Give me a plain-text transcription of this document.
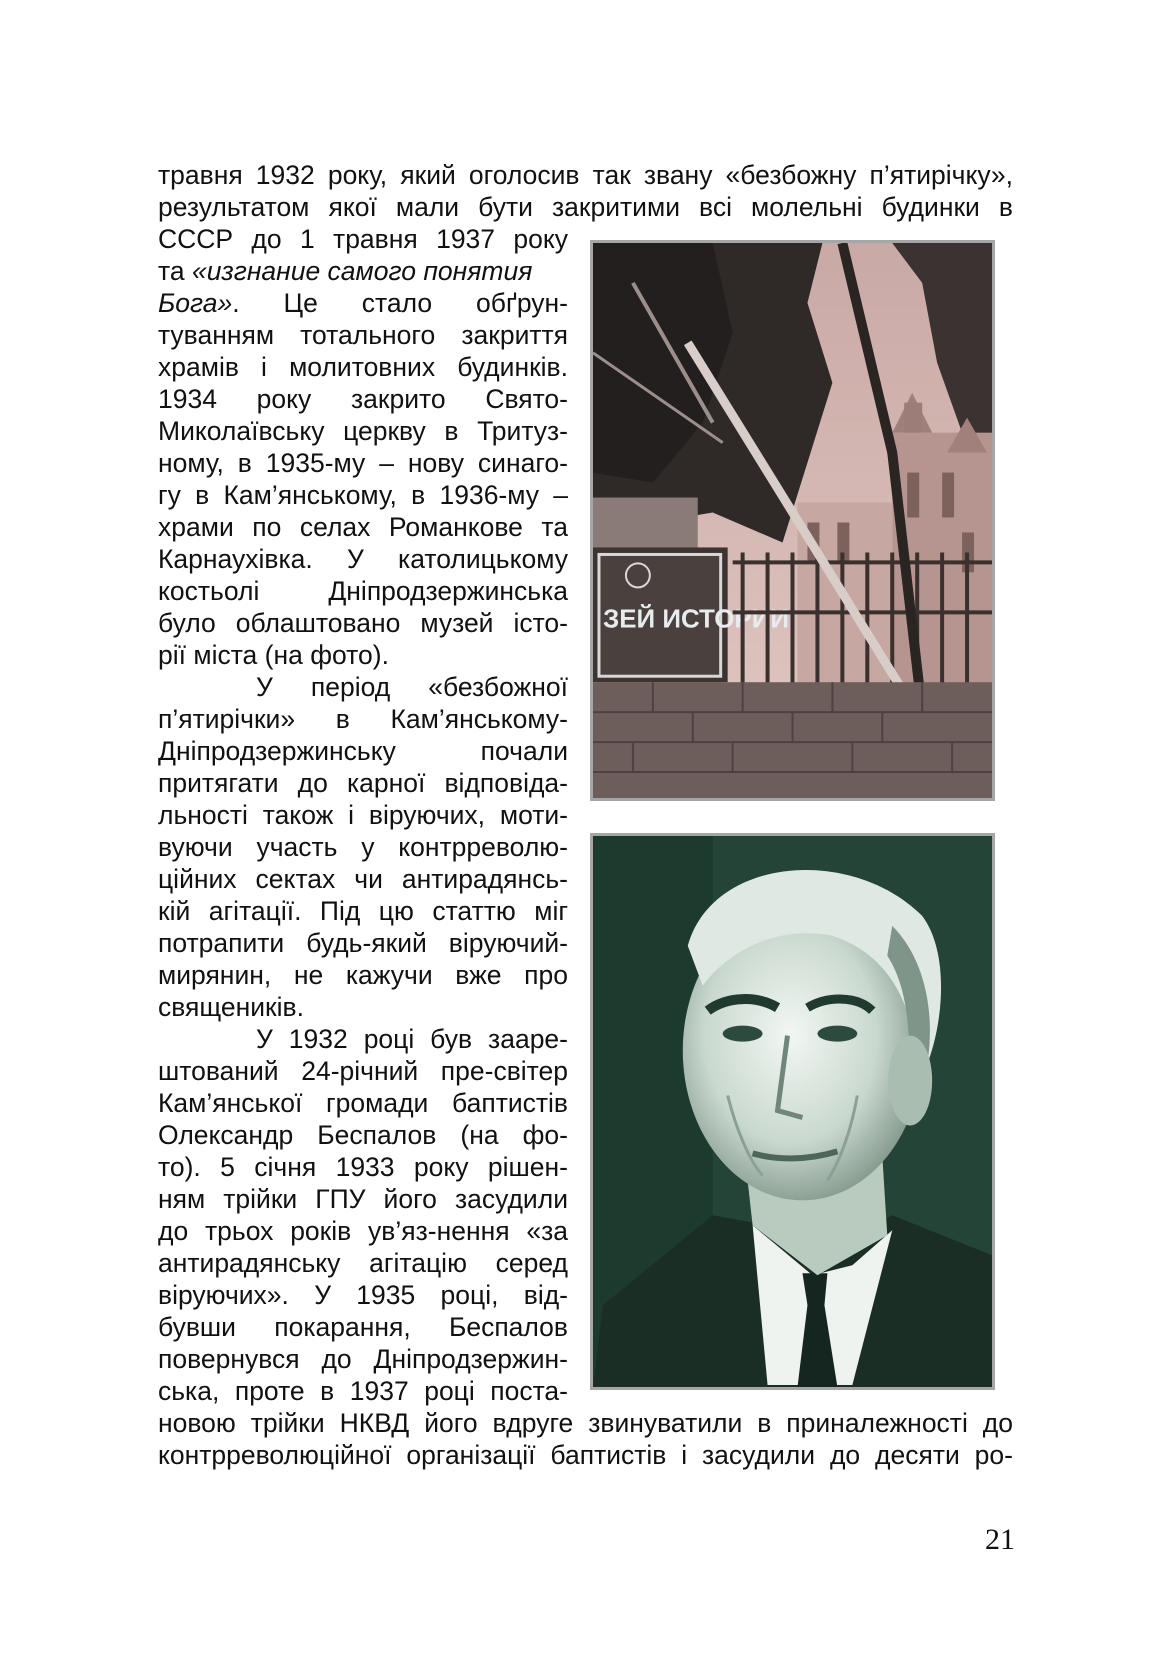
травня 1932 року, який оголосив так звану «безбожну п’ятирічку»,
результатом якої мали бути закритими всі молельні будинки в
СССР до 1 травня 1937 року
та «изгнание самого понятия
Бога». Це стало обґрун-
туванням тотального закриття
храмів і молитовних будинків.
1934 року закрито Свято-
Миколаївську церкву в Тритуз-
ному, в 1935-му – нову синаго-
гу в Кам’янському, в 1936-му –
храми по селах Романкове та
Карнаухівка. У католицькому
костьолі Дніпродзержинська
було облаштовано музей істо-
рії міста (на фото).
У період «безбожної
п’ятирічки» в Кам’янському-
Дніпродзержинську почали
притягати до карної відповіда-
льності також і віруючих, моти-
вуючи участь у контрреволю-
ційних сектах чи антирадянсь-
кій агітації. Під цю статтю міг
потрапити будь-який віруючий-
мирянин, не кажучи вже про
священиків.
У 1932 році був зааре-
штований 24-річний пре-світер
Кам’янської громади баптистів
Олександр Беспалов (на фо-
то). 5 січня 1933 року рішен-
ням трійки ГПУ його засудили
до трьох років ув’яз-нення «за
антирадянську агітацію серед
віруючих». У 1935 році, від-
бувши покарання, Беспалов
повернувся до Дніпродзержин-
ська, проте в 1937 році поста-
новою трійки НКВД його вдруге звинуватили в приналежності до
контрреволюційної організації баптистів і засудили до десяти ро-
ЗЕЙ ИСТОРИИ
21
